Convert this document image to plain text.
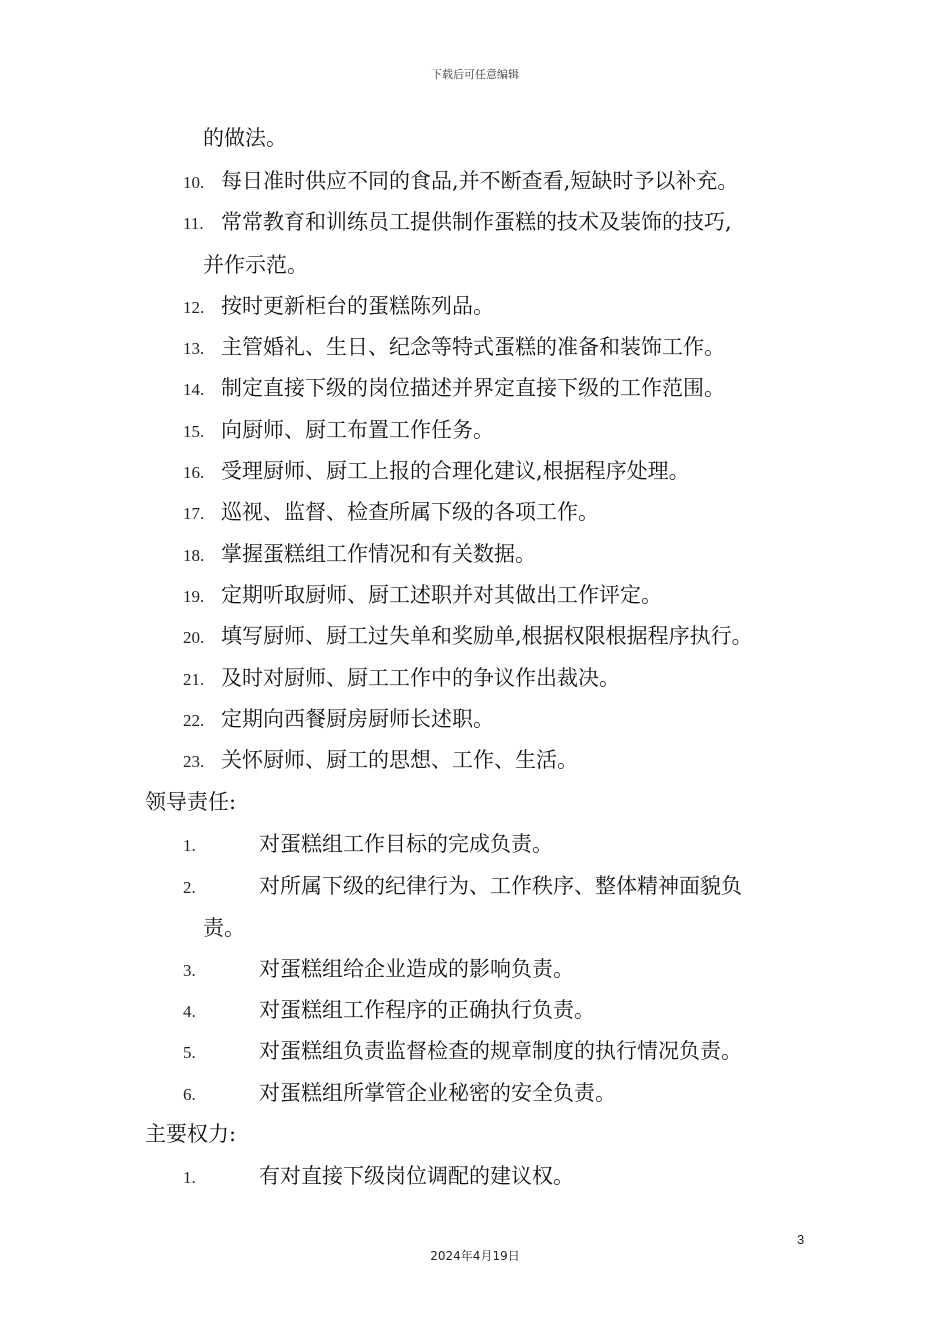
下载后可任意编辑
的做法。
10. 每日准时供应不同的食品,并不断查看,短缺时予以补充。
11. 常常教育和训练员工提供制作蛋糕的技术及装饰的技巧,
并作示范。
12. 按时更新柜台的蛋糕陈列品。
13. 主管婚礼、生日、纪念等特式蛋糕的准备和装饰工作。
14. 制定直接下级的岗位描述并界定直接下级的工作范围。
15. 向厨师、厨工布置工作任务。
16. 受理厨师、厨工上报的合理化建议,根据程序处理。
17. 巡视、监督、检查所属下级的各项工作。
18. 掌握蛋糕组工作情况和有关数据。
19. 定期听取厨师、厨工述职并对其做出工作评定。
20. 填写厨师、厨工过失单和奖励单,根据权限根据程序执行。
21. 及时对厨师、厨工工作中的争议作出裁决。
22. 定期向西餐厨房厨师长述职。
23. 关怀厨师、厨工的思想、工作、生活。
领导责任:
1.	对蛋糕组工作目标的完成负责。
2.	对所属下级的纪律行为、工作秩序、整体精神面貌负
责。
3.	对蛋糕组给企业造成的影响负责。
4.	对蛋糕组工作程序的正确执行负责。
5.	对蛋糕组负责监督检查的规章制度的执行情况负责。
6.	对蛋糕组所掌管企业秘密的安全负责。
主要权力:
1.	有对直接下级岗位调配的建议权。
3
2024年4月19日
